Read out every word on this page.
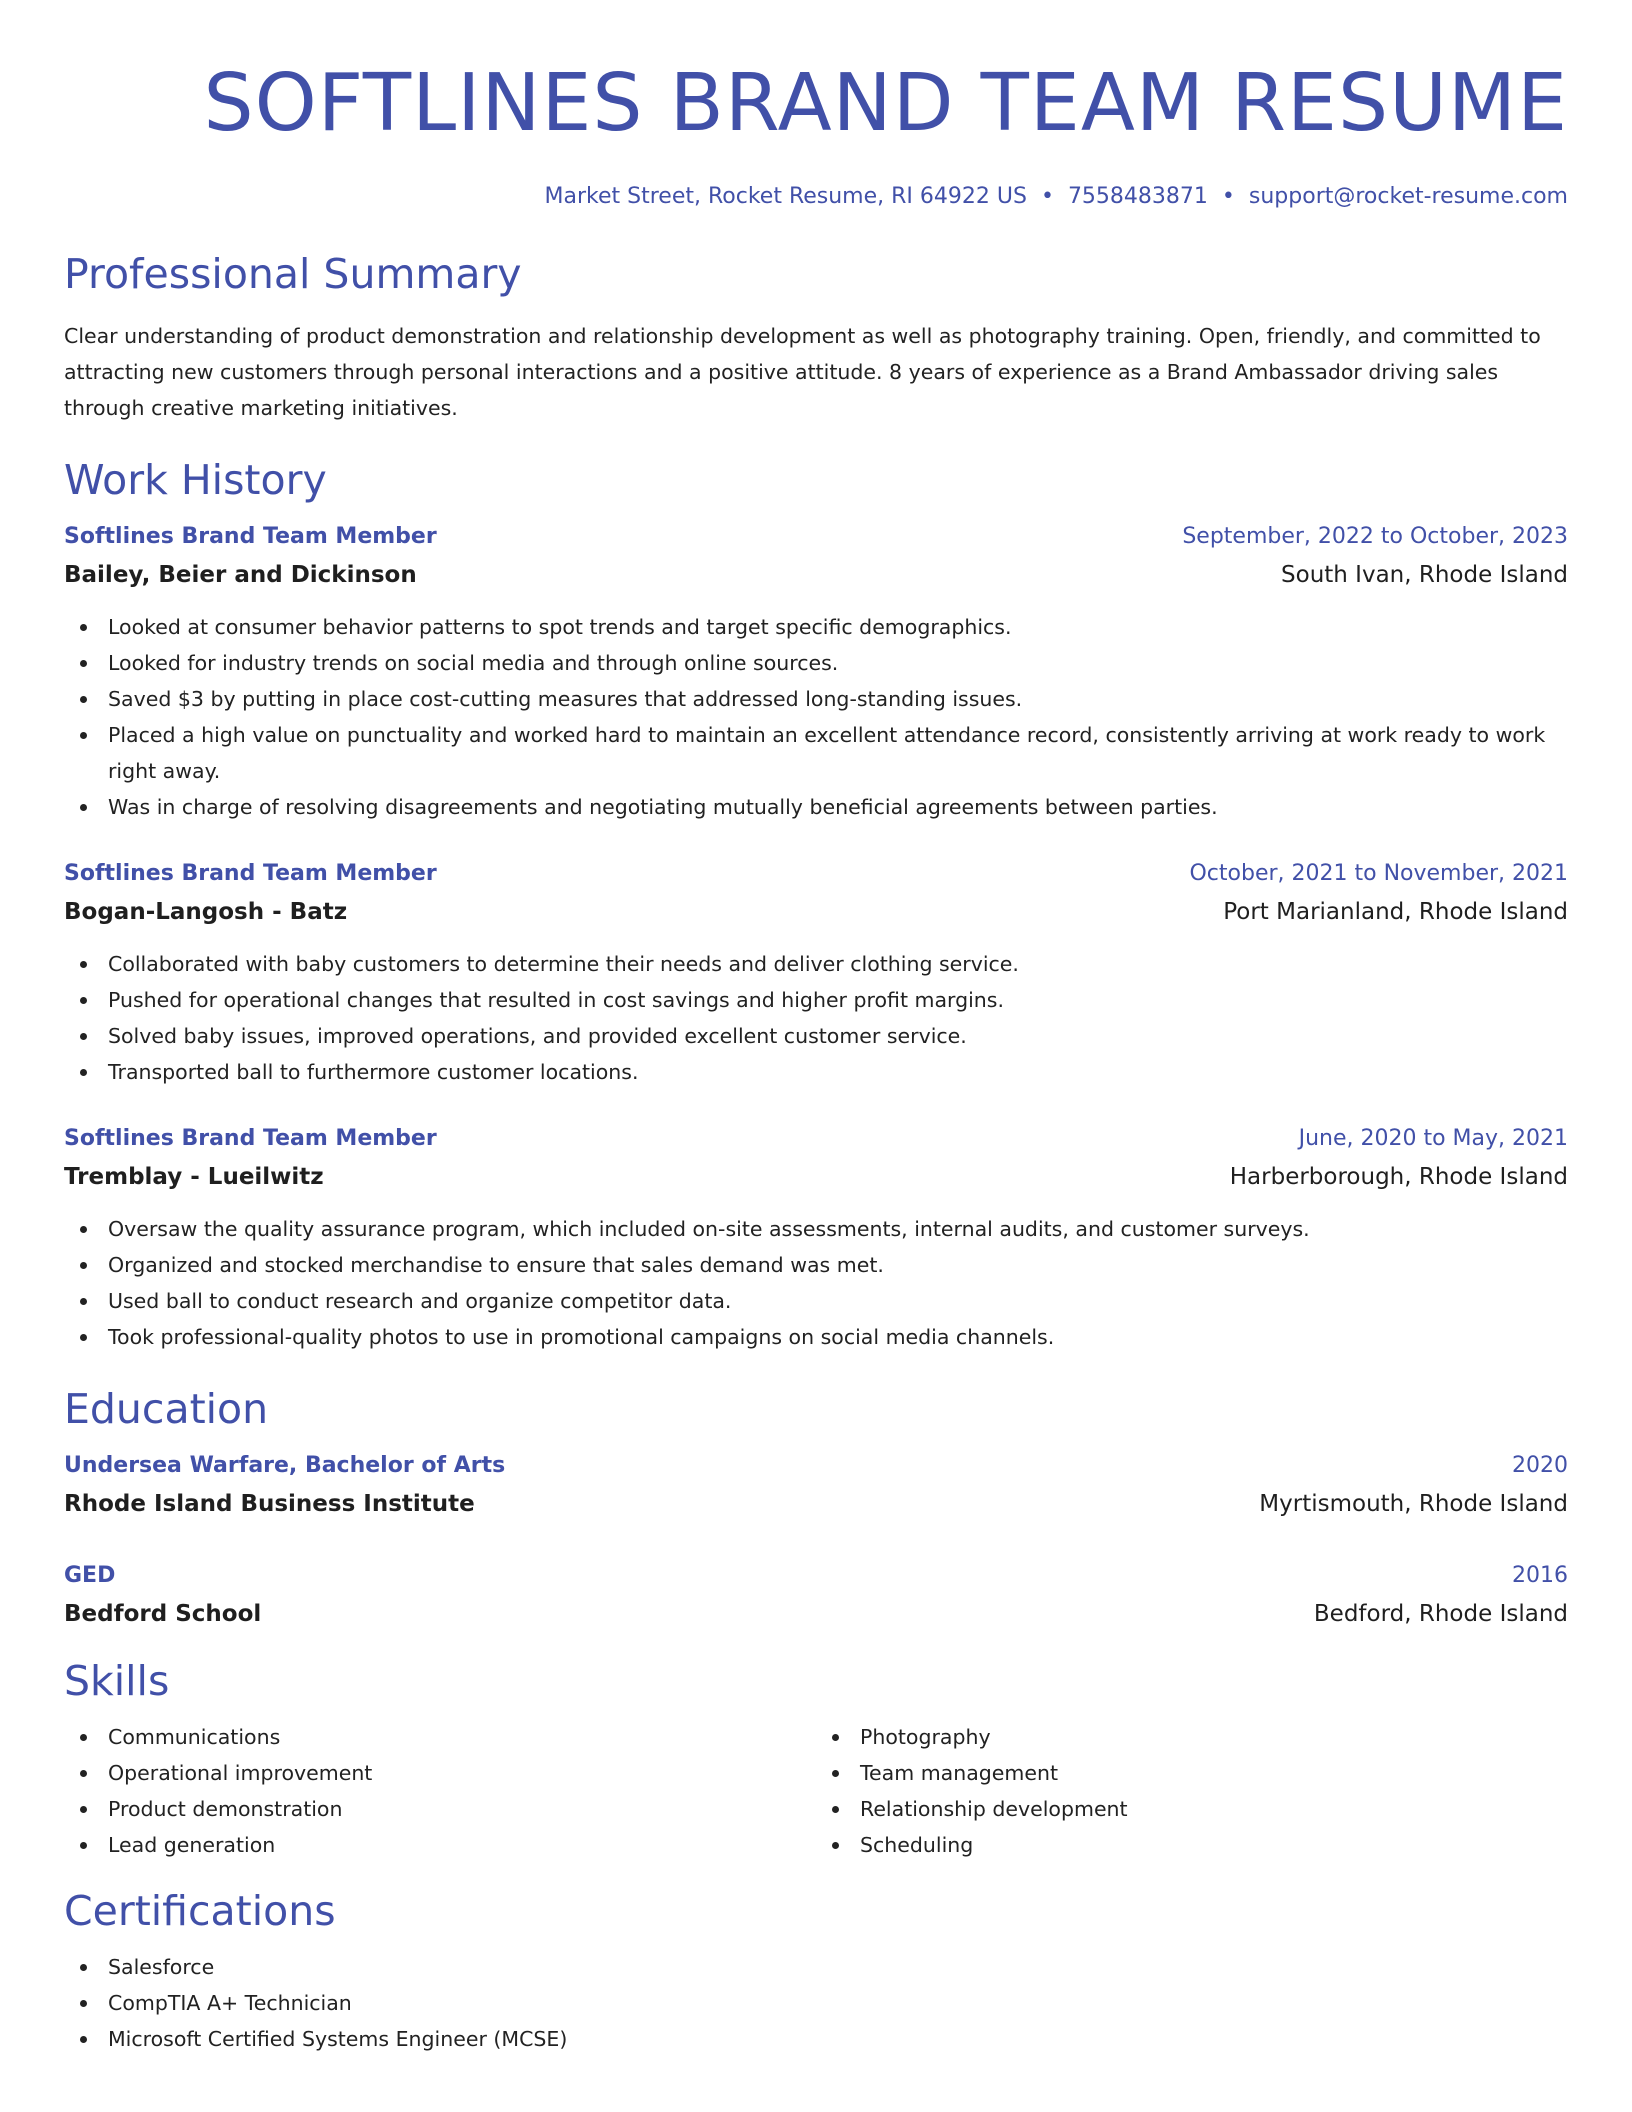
SOFTLINES BRAND TEAM RESUME
Market Street, Rocket Resume, RI 64922 US • 7558483871 • support@rocket-resume.com
Professional Summary

Clear understanding of product demonstration and relationship development as well as photography training. Open, friendly, and committed to attracting new customers through personal interactions and a positive attitude. 8 years of experience as a Brand Ambassador driving sales through creative marketing initiatives.

Work History
Softlines Brand Team Member	September, 2022 to October, 2023
Bailey, Beier and Dickinson	South Ivan, Rhode Island
Looked at consumer behavior patterns to spot trends and target specific demographics.
Looked for industry trends on social media and through online sources.
Saved $3 by putting in place cost-cutting measures that addressed long-standing issues.
Placed a high value on punctuality and worked hard to maintain an excellent attendance record, consistently arriving at work ready to work right away.
Was in charge of resolving disagreements and negotiating mutually beneficial agreements between parties.
Softlines Brand Team Member	October, 2021 to November, 2021
Bogan-Langosh - Batz	Port Marianland, Rhode Island
Collaborated with baby customers to determine their needs and deliver clothing service.
Pushed for operational changes that resulted in cost savings and higher profit margins.
Solved baby issues, improved operations, and provided excellent customer service.
Transported ball to furthermore customer locations.
Softlines Brand Team Member	June, 2020 to May, 2021
Tremblay - Lueilwitz	Harberborough, Rhode Island
Oversaw the quality assurance program, which included on-site assessments, internal audits, and customer surveys.
Organized and stocked merchandise to ensure that sales demand was met.
Used ball to conduct research and organize competitor data.
Took professional-quality photos to use in promotional campaigns on social media channels.
Education
Undersea Warfare, Bachelor of Arts	2020
Rhode Island Business Institute	Myrtismouth, Rhode Island
GED	2016
Bedford School	Bedford, Rhode Island
Skills
Communications
Operational improvement
Product demonstration
Lead generation
Photography
Team management
Relationship development
Scheduling
Certifications
Salesforce
CompTIA A+ Technician
Microsoft Certified Systems Engineer (MCSE)
